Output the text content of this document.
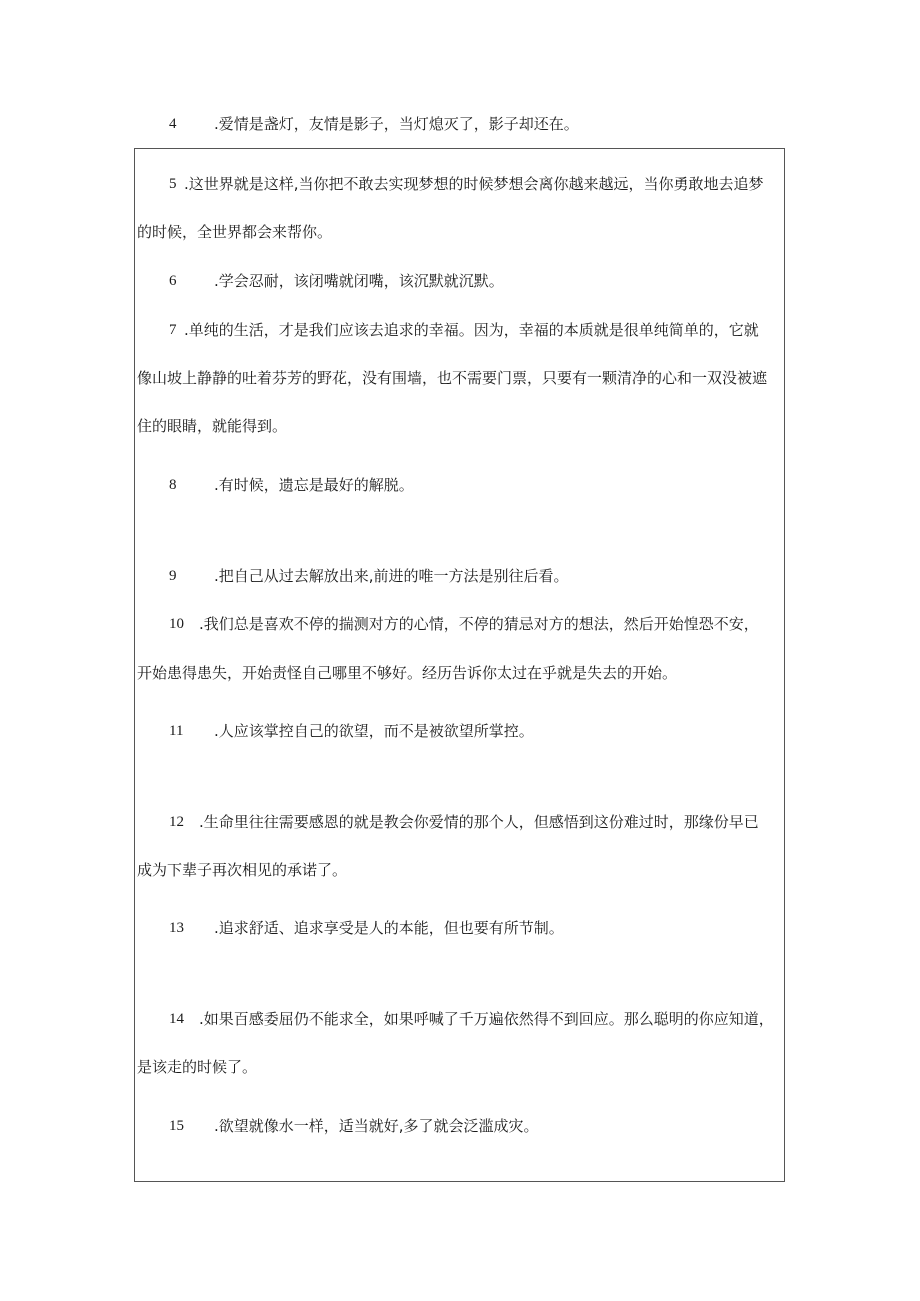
4	.爱情是盏灯，友情是影子，当灯熄灭了，影子却还在。
5 .这世界就是这样,当你把不敢去实现梦想的时候梦想会离你越来越远，当你勇敢地去追梦
的时候，全世界都会来帮你。
6	.学会忍耐，该闭嘴就闭嘴，该沉默就沉默。
7 .单纯的生活，才是我们应该去追求的幸福。因为，幸福的本质就是很单纯简单的，它就
像山坡上静静的吐着芬芳的野花，没有围墙，也不需要门票，只要有一颗清净的心和一双没被遮
住的眼睛，就能得到。
8	.有时候，遗忘是最好的解脱。
9	.把自己从过去解放出来,前进的唯一方法是别往后看。
10 .我们总是喜欢不停的揣测对方的心情，不停的猜忌对方的想法，然后开始惶恐不安，
开始患得患失，开始责怪自己哪里不够好。经历告诉你太过在乎就是失去的开始。
11 .人应该掌控自己的欲望，而不是被欲望所掌控。
12 .生命里往往需要感恩的就是教会你爱情的那个人，但感悟到这份难过时，那缘份早已
成为下辈子再次相见的承诺了。
13 .追求舒适、追求享受是人的本能，但也要有所节制。
14 .如果百感委屈仍不能求全，如果呼喊了千万遍依然得不到回应。那么聪明的你应知道，
是该走的时候了。
15 .欲望就像水一样，适当就好,多了就会泛滥成灾。
